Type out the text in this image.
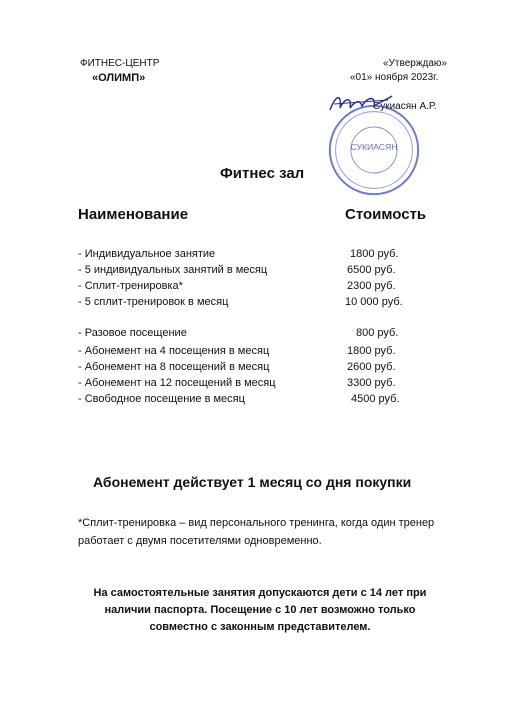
ФИТНЕС-ЦЕНТР
«ОЛИМП»
«Утверждаю»
«01» ноября 2023г.
Сукиасян А.Р.
СУКИАСЯН
Фитнес зал
Наименование	Стоимость
- Индивидуальное занятие	1800 руб.
- 5 индивидуальных занятий в месяц	6500 руб.
- Сплит-тренировка*	2300 руб.
- 5 сплит-тренировок в месяц	10 000 руб.
- Разовое посещение	800 руб.
- Абонемент на 4 посещения в месяц	1800 руб.
- Абонемент на 8 посещений в месяц	2600 руб.
- Абонемент на 12 посещений в месяц	3300 руб.
- Свободное посещение в месяц	4500 руб.
Абонемент действует 1 месяц со дня покупки
*Сплит-тренировка – вид персонального тренинга, когда один тренер работает с двумя посетителями одновременно.
На самостоятельные занятия допускаются дети с 14 лет при наличии паспорта. Посещение с 10 лет возможно только совместно с законным представителем.
